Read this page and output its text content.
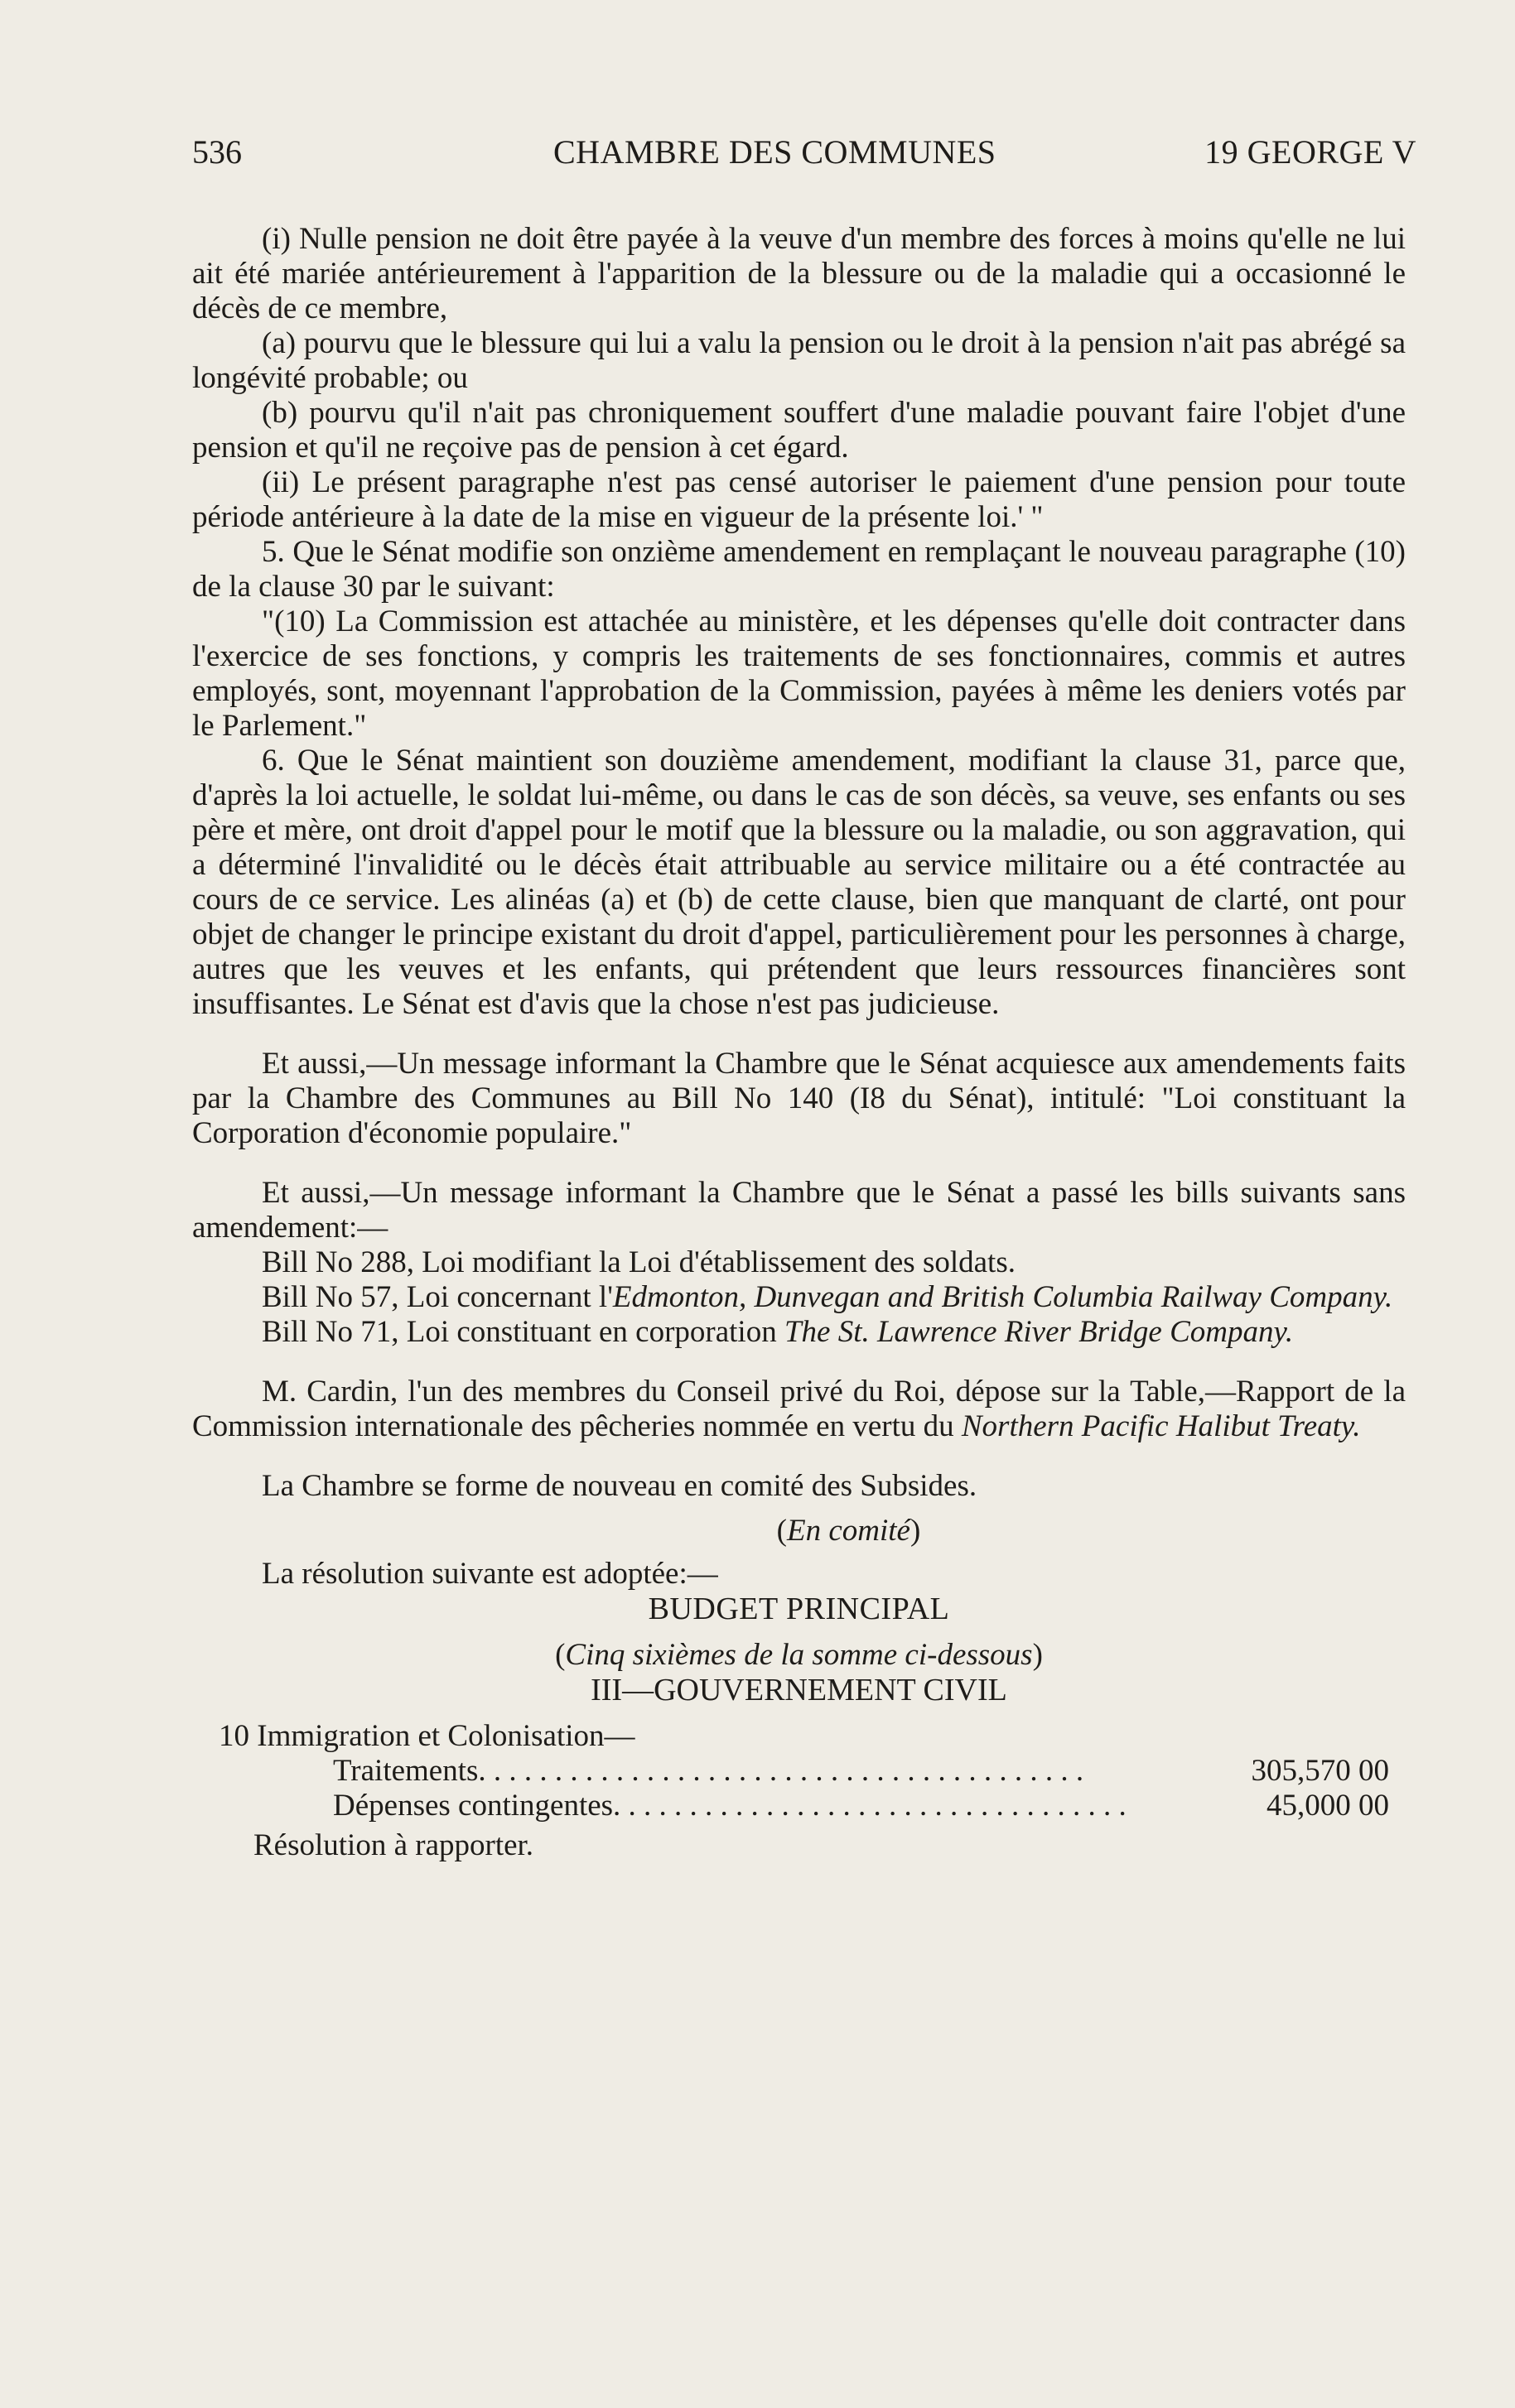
536	CHAMBRE DES COMMUNES	19 GEORGE V

(i) Nulle pension ne doit être payée à la veuve d'un membre des forces à moins qu'elle ne lui ait été mariée antérieurement à l'apparition de la blessure ou de la maladie qui a occasionné le décès de ce membre,

(a) pourvu que le blessure qui lui a valu la pension ou le droit à la pension n'ait pas abrégé sa longévité probable; ou

(b) pourvu qu'il n'ait pas chroniquement souffert d'une maladie pouvant faire l'objet d'une pension et qu'il ne reçoive pas de pension à cet égard.

(ii) Le présent paragraphe n'est pas censé autoriser le paiement d'une pension pour toute période antérieure à la date de la mise en vigueur de la présente loi.' "

5. Que le Sénat modifie son onzième amendement en remplaçant le nouveau paragraphe (10) de la clause 30 par le suivant:

"(10) La Commission est attachée au ministère, et les dépenses qu'elle doit contracter dans l'exercice de ses fonctions, y compris les traitements de ses fonctionnaires, commis et autres employés, sont, moyennant l'approbation de la Commission, payées à même les deniers votés par le Parlement."

6. Que le Sénat maintient son douzième amendement, modifiant la clause 31, parce que, d'après la loi actuelle, le soldat lui-même, ou dans le cas de son décès, sa veuve, ses enfants ou ses père et mère, ont droit d'appel pour le motif que la blessure ou la maladie, ou son aggravation, qui a déterminé l'invalidité ou le décès était attribuable au service militaire ou a été contractée au cours de ce service. Les alinéas (a) et (b) de cette clause, bien que manquant de clarté, ont pour objet de changer le principe existant du droit d'appel, particulièrement pour les personnes à charge, autres que les veuves et les enfants, qui prétendent que leurs ressources financières sont insuffisantes. Le Sénat est d'avis que la chose n'est pas judicieuse.

Et aussi,—Un message informant la Chambre que le Sénat acquiesce aux amendements faits par la Chambre des Communes au Bill No 140 (I8 du Sénat), intitulé: "Loi constituant la Corporation d'économie populaire."

Et aussi,—Un message informant la Chambre que le Sénat a passé les bills suivants sans amendement:—

Bill No 288, Loi modifiant la Loi d'établissement des soldats.

Bill No 57, Loi concernant l'Edmonton, Dunvegan and British Columbia Railway Company.

Bill No 71, Loi constituant en corporation The St. Lawrence River Bridge Company.

M. Cardin, l'un des membres du Conseil privé du Roi, dépose sur la Table,—Rapport de la Commission internationale des pêcheries nommée en vertu du Northern Pacific Halibut Treaty.

La Chambre se forme de nouveau en comité des Subsides.

(En comité)

La résolution suivante est adoptée:—

BUDGET PRINCIPAL

(Cinq sixièmes de la somme ci-dessous)

III—GOUVERNEMENT CIVIL

10 Immigration et Colonisation—

Traitements. . . . . . . . . . . . . . . . . . . . . . . . . . . . . . . . . . . . . . . .	305,570 00
Dépenses contingentes. . . . . . . . . . . . . . . . . . . . . . . . . . . . . . . . . .	45,000 00

Résolution à rapporter.
